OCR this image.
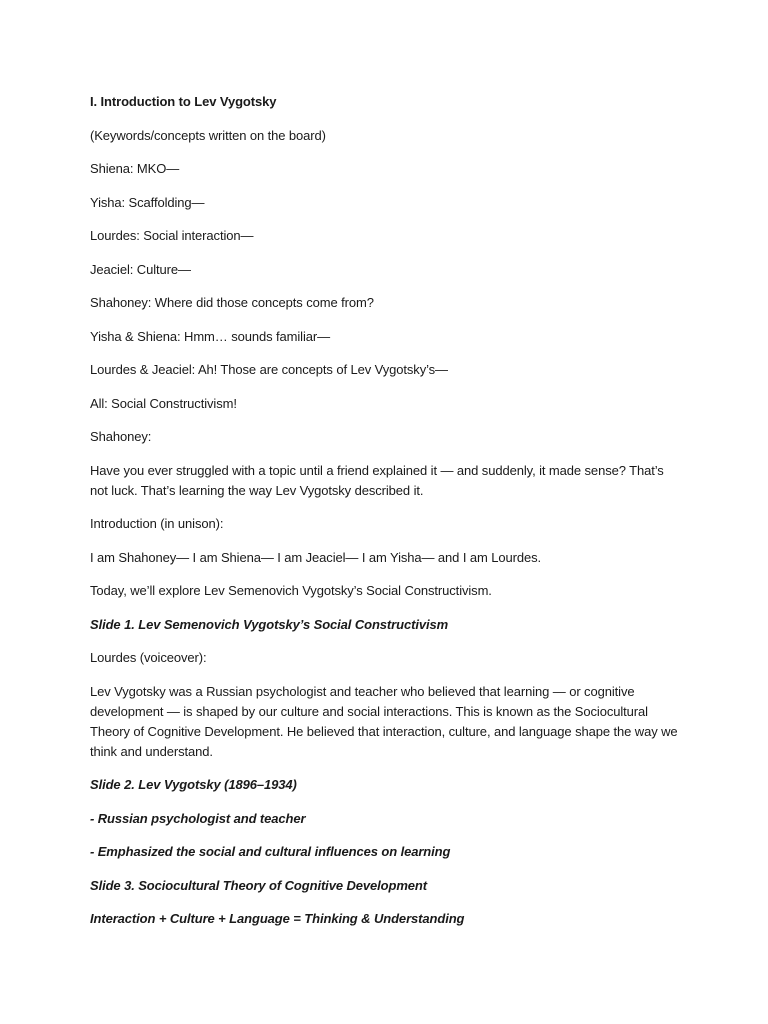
I. Introduction to Lev Vygotsky

(Keywords/concepts written on the board)

Shiena: MKO—

Yisha: Scaffolding—

Lourdes: Social interaction—

Jeaciel: Culture—

Shahoney: Where did those concepts come from?

Yisha & Shiena: Hmm… sounds familiar—

Lourdes & Jeaciel: Ah! Those are concepts of Lev Vygotsky’s—

All: Social Constructivism!

Shahoney:

Have you ever struggled with a topic until a friend explained it — and suddenly, it made sense? That’s not luck. That’s learning the way Lev Vygotsky described it.

Introduction (in unison):

I am Shahoney— I am Shiena— I am Jeaciel— I am Yisha— and I am Lourdes.

Today, we’ll explore Lev Semenovich Vygotsky’s Social Constructivism.

Slide 1. Lev Semenovich Vygotsky’s Social Constructivism

Lourdes (voiceover):

Lev Vygotsky was a Russian psychologist and teacher who believed that learning — or cognitive development — is shaped by our culture and social interactions. This is known as the Sociocultural Theory of Cognitive Development. He believed that interaction, culture, and language shape the way we think and understand.

Slide 2. Lev Vygotsky (1896–1934)

- Russian psychologist and teacher

- Emphasized the social and cultural influences on learning

Slide 3. Sociocultural Theory of Cognitive Development

Interaction + Culture + Language = Thinking & Understanding
